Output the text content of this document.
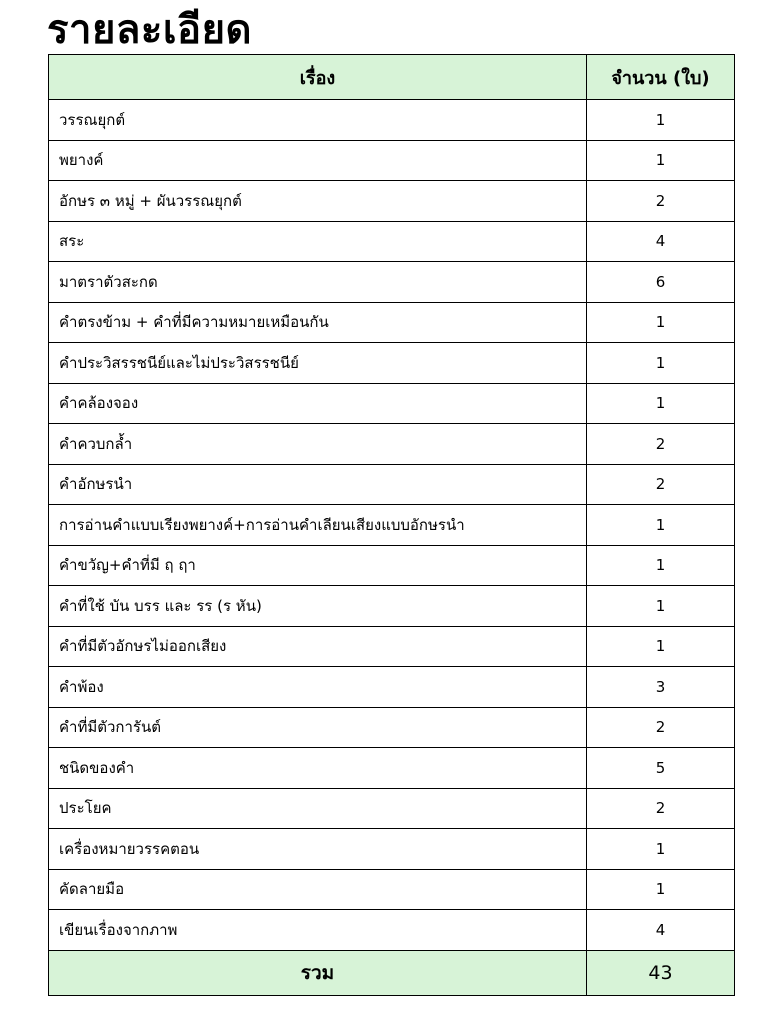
รายละเอียด
เรื่อง	จำนวน (ใบ)
วรรณยุกต์	1
พยางค์	1
อักษร ๓ หมู่ + ผันวรรณยุกต์	2
สระ	4
มาตราตัวสะกด	6
คำตรงข้าม + คำที่มีความหมายเหมือนกัน	1
คำประวิสรรชนีย์และไม่ประวิสรรชนีย์	1
คำคล้องจอง	1
คำควบกล้ำ	2
คำอักษรนำ	2
การอ่านคำแบบเรียงพยางค์+การอ่านคำเลียนเสียงแบบอักษรนำ	1
คำขวัญ+คำที่มี ฤ ฤา	1
คำที่ใช้ บัน บรร และ รร (ร หัน)	1
คำที่มีตัวอักษรไม่ออกเสียง	1
คำพ้อง	3
คำที่มีตัวการันต์	2
ชนิดของคำ	5
ประโยค	2
เครื่องหมายวรรคตอน	1
คัดลายมือ	1
เขียนเรื่องจากภาพ	4
รวม	43
